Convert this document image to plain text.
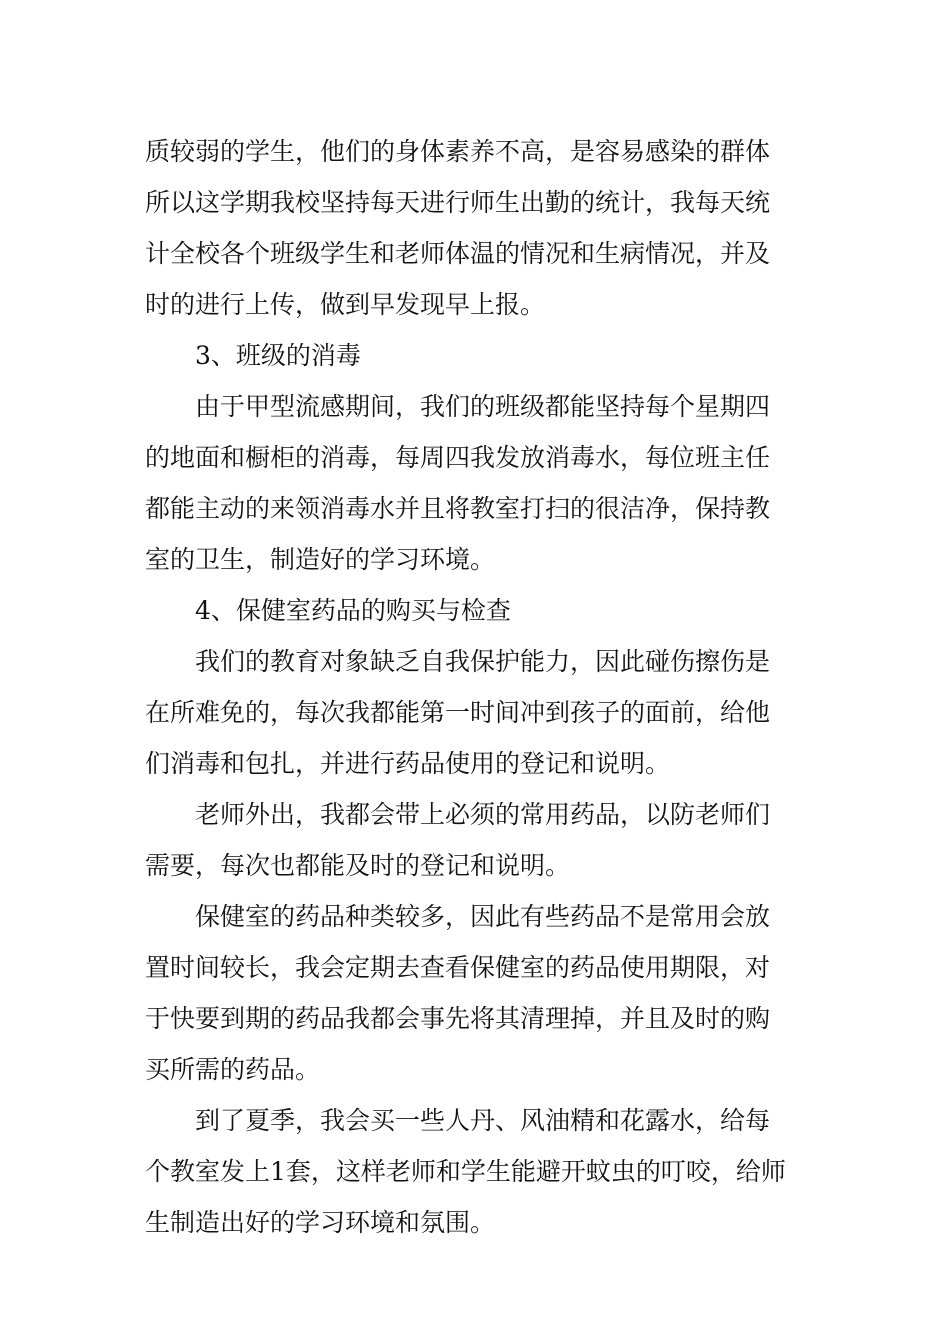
质较弱的学生，他们的身体素养不高，是容易感染的群体
所以这学期我校坚持每天进行师生出勤的统计，我每天统
计全校各个班级学生和老师体温的情况和生病情况，并及
时的进行上传，做到早发现早上报。
3、班级的消毒
由于甲型流感期间，我们的班级都能坚持每个星期四
的地面和橱柜的消毒，每周四我发放消毒水，每位班主任
都能主动的来领消毒水并且将教室打扫的很洁净，保持教
室的卫生，制造好的学习环境。
4、保健室药品的购买与检查
我们的教育对象缺乏自我保护能力，因此碰伤擦伤是
在所难免的，每次我都能第一时间冲到孩子的面前，给他
们消毒和包扎，并进行药品使用的登记和说明。
老师外出，我都会带上必须的常用药品，以防老师们
需要，每次也都能及时的登记和说明。
保健室的药品种类较多，因此有些药品不是常用会放
置时间较长，我会定期去查看保健室的药品使用期限，对
于快要到期的药品我都会事先将其清理掉，并且及时的购
买所需的药品。
到了夏季，我会买一些人丹、风油精和花露水，给每
个教室发上1套，这样老师和学生能避开蚊虫的叮咬，给师
生制造出好的学习环境和氛围。
